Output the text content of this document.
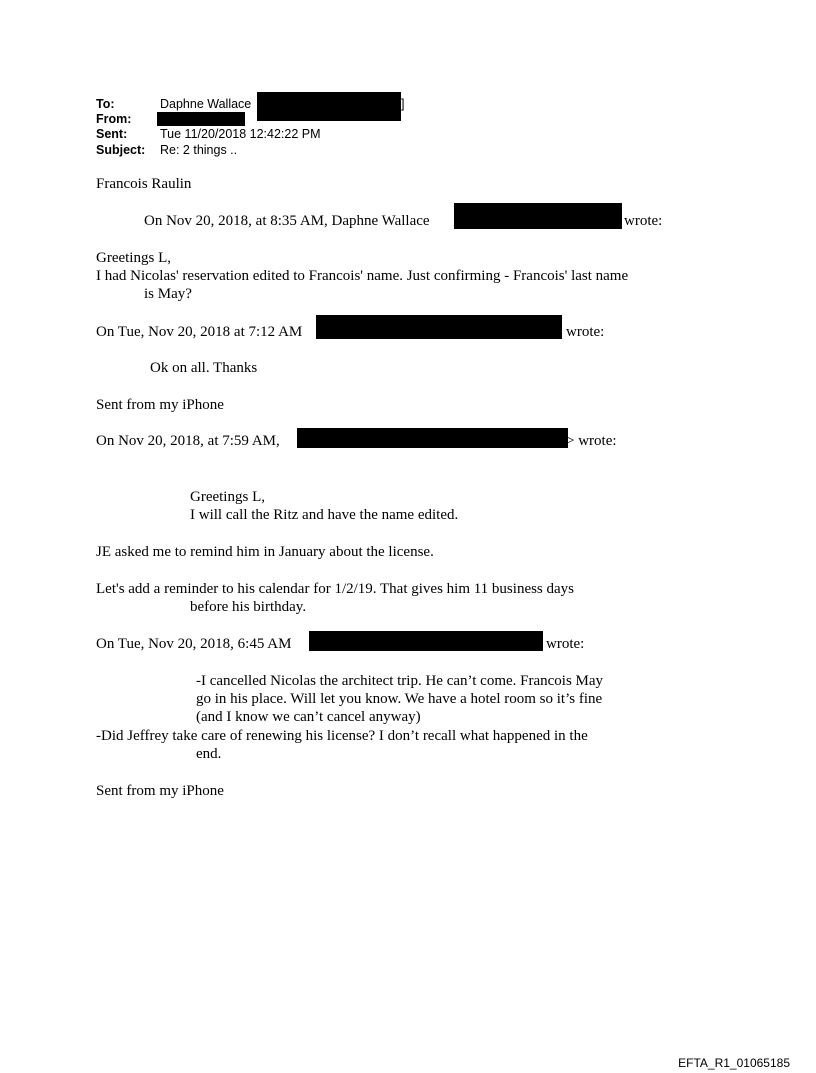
To:	Daphne Wallace	]
From:
Sent:	Tue 11/20/2018 12:42:22 PM
Subject: Re: 2 things ..
Francois Raulin
On Nov 20, 2018, at 8:35 AM, Daphne Wallace	wrote:
Greetings L,
I had Nicolas' reservation edited to Francois' name. Just confirming - Francois' last name
is May?
On Tue, Nov 20, 2018 at 7:12 AM	wrote:
Ok on all. Thanks
Sent from my iPhone
On Nov 20, 2018, at 7:59 AM,	> wrote:
Greetings L,
I will call the Ritz and have the name edited.
JE asked me to remind him in January about the license.
Let's add a reminder to his calendar for 1/2/19. That gives him 11 business days
before his birthday.
On Tue, Nov 20, 2018, 6:45 AM	wrote:
-I cancelled Nicolas the architect trip. He can’t come. Francois May
go in his place. Will let you know. We have a hotel room so it’s fine
(and I know we can’t cancel anyway)
-Did Jeffrey take care of renewing his license? I don’t recall what happened in the
end.
Sent from my iPhone
EFTA_R1_01065185
